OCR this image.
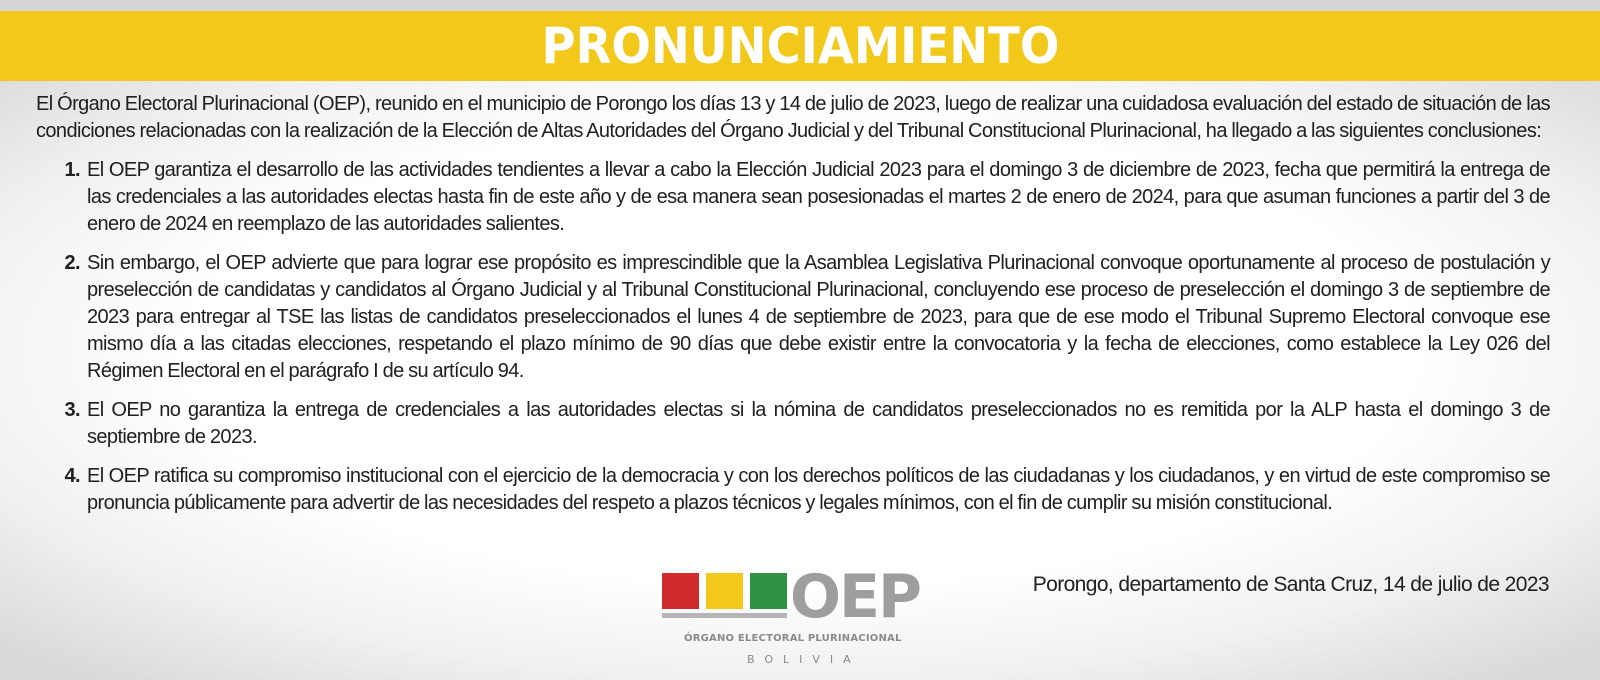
PRONUNCIAMIENTO

El Órgano Electoral Plurinacional (OEP), reunido en el municipio de Porongo los días 13 y 14 de julio de 2023, luego de realizar una cuidadosa evaluación del estado de situación de las condiciones relacionadas con la realización de la Elección de Altas Autoridades del Órgano Judicial y del Tribunal Constitucional Plurinacional, ha llegado a las siguientes conclusiones:

1. El OEP garantiza el desarrollo de las actividades tendientes a llevar a cabo la Elección Judicial 2023 para el domingo 3 de diciembre de 2023, fecha que permitirá la entrega de las credenciales a las autoridades electas hasta fin de este año y de esa manera sean posesionadas el martes 2 de enero de 2024, para que asuman funciones a partir del 3 de enero de 2024 en reemplazo de las autoridades salientes.
2. Sin embargo, el OEP advierte que para lograr ese propósito es imprescindible que la Asamblea Legislativa Plurinacional convoque oportunamente al proceso de postulación y preselección de candidatas y candidatos al Órgano Judicial y al Tribunal Constitucional Plurinacional, concluyendo ese proceso de preselección el domingo 3 de septiembre de 2023 para entregar al TSE las listas de candidatos preseleccionados el lunes 4 de septiembre de 2023, para que de ese modo el Tribunal Supremo Electoral convoque ese mismo día a las citadas elecciones, respetando el plazo mínimo de 90 días que debe existir entre la convocatoria y la fecha de elecciones, como establece la Ley 026 del Régimen Electoral en el parágrafo I de su artículo 94.
3. El OEP no garantiza la entrega de credenciales a las autoridades electas si la nómina de candidatos preseleccionados no es remitida por la ALP hasta el domingo 3 de septiembre de 2023.
4. El OEP ratifica su compromiso institucional con el ejercicio de la democracia y con los derechos políticos de las ciudadanas y los ciudadanos, y en virtud de este compromiso se pronuncia públicamente para advertir de las necesidades del respeto a plazos técnicos y legales mínimos, con el fin de cumplir su misión constitucional.
OEP
ÓRGANO ELECTORAL PLURINACIONAL
BOLIVIA
Porongo, departamento de Santa Cruz, 14 de julio de 2023
